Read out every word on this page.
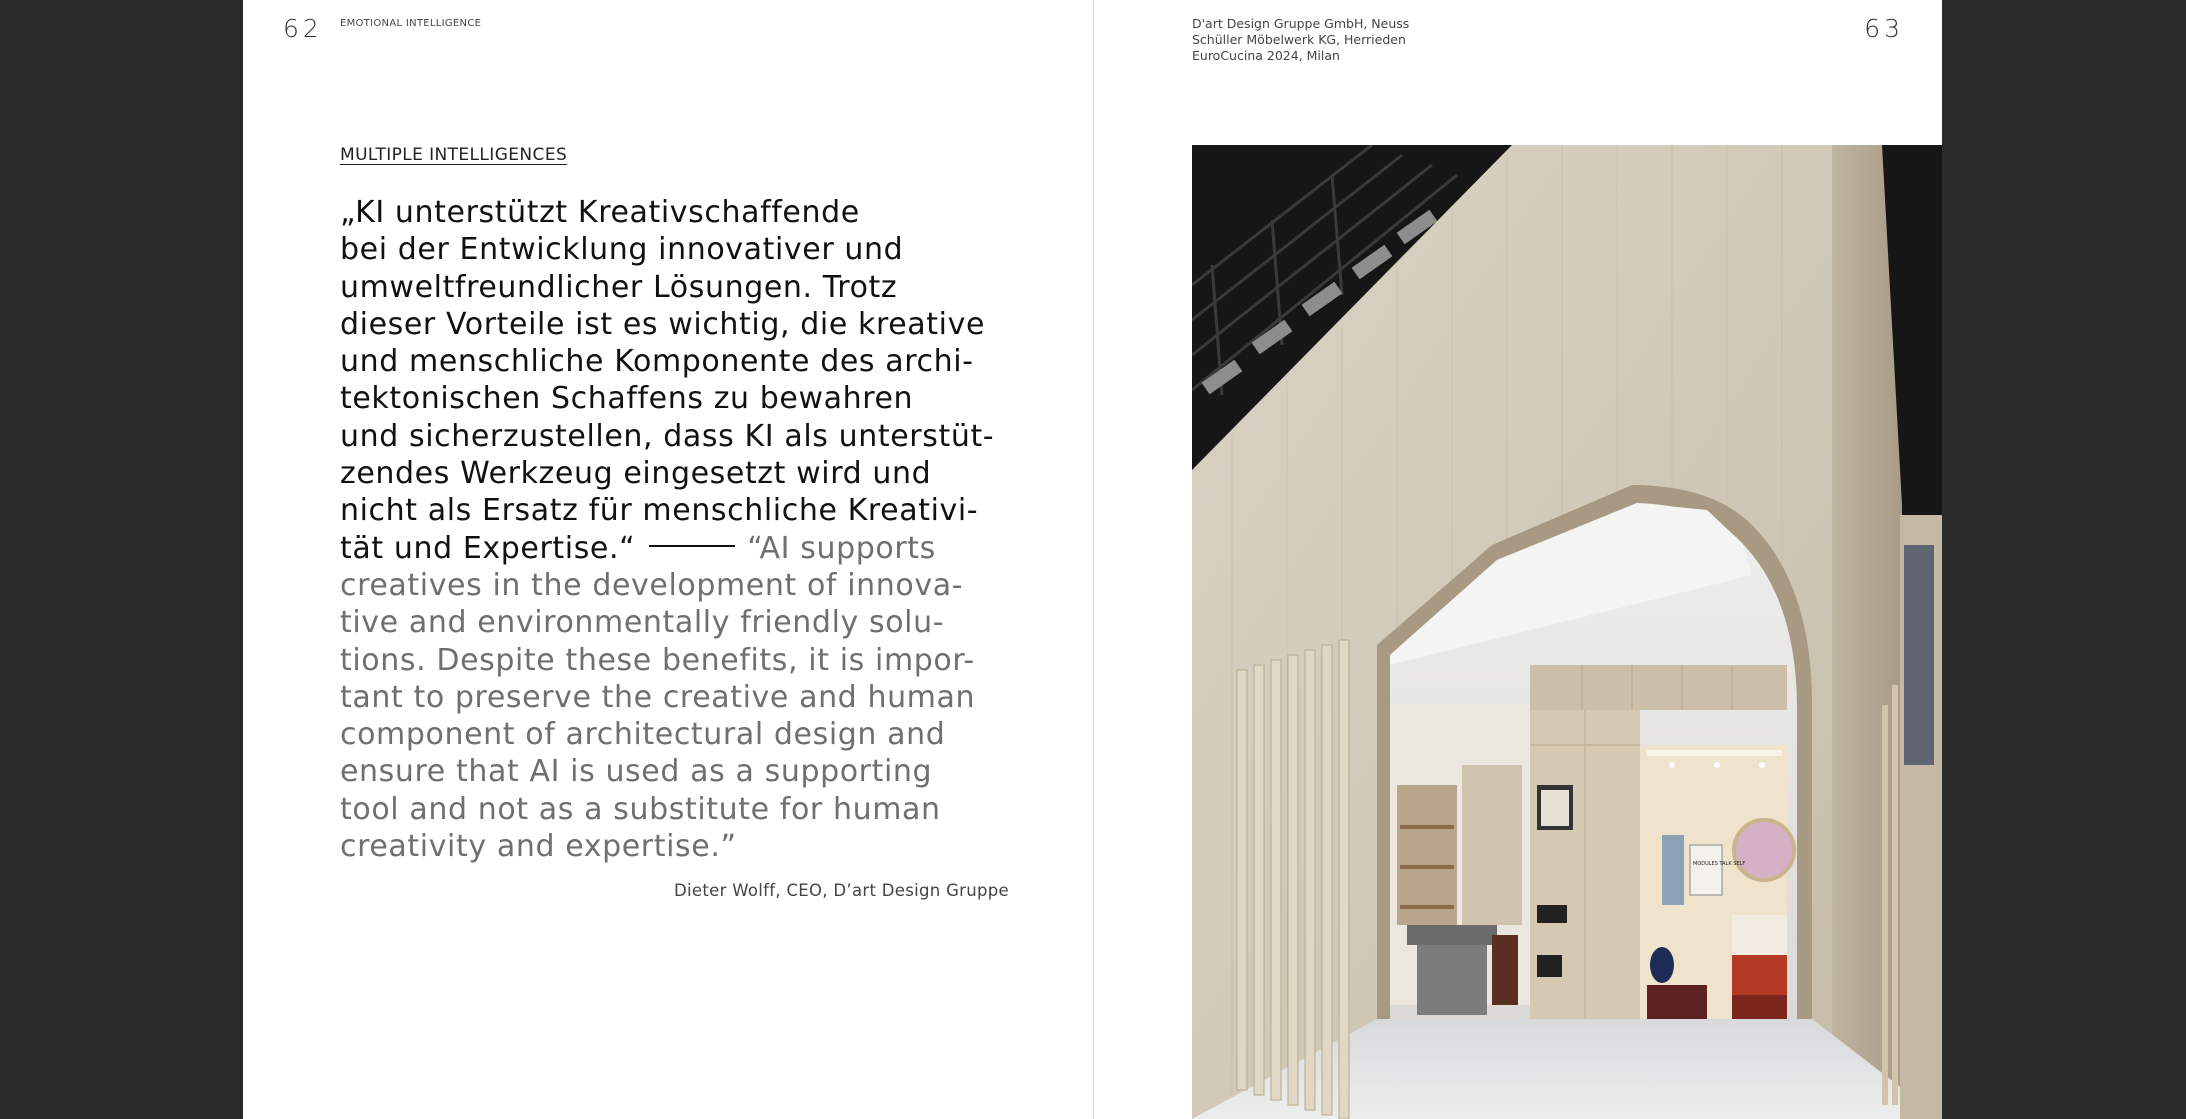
62 EMOTIONAL INTELLIGENCE
MULTIPLE INTELLIGENCES
„KI unterstützt Kreativschaffende
bei der Entwicklung innovativer und
umweltfreundlicher Lösungen. Trotz
dieser Vorteile ist es wichtig, die kreative
und menschliche Komponente des archi-
tektonischen Schaffens zu bewahren
und sicherzustellen, dass KI als unterstüt-
zendes Werkzeug eingesetzt wird und
nicht als Ersatz für menschliche Kreativi-
tät und Expertise.“	“AI supports
creatives in the development of innova-
tive and environmentally friendly solu-
tions. Despite these benefits, it is impor-
tant to preserve the creative and human
component of architectural design and
ensure that AI is used as a supporting
tool and not as a substitute for human
creativity and expertise.”
Dieter Wolff, CEO, D’art Design Gruppe
D'art Design Gruppe GmbH, Neuss
Schüller Möbelwerk KG, Herrieden
EuroCucina 2024, Milan
63
MODULES TALK SELF
